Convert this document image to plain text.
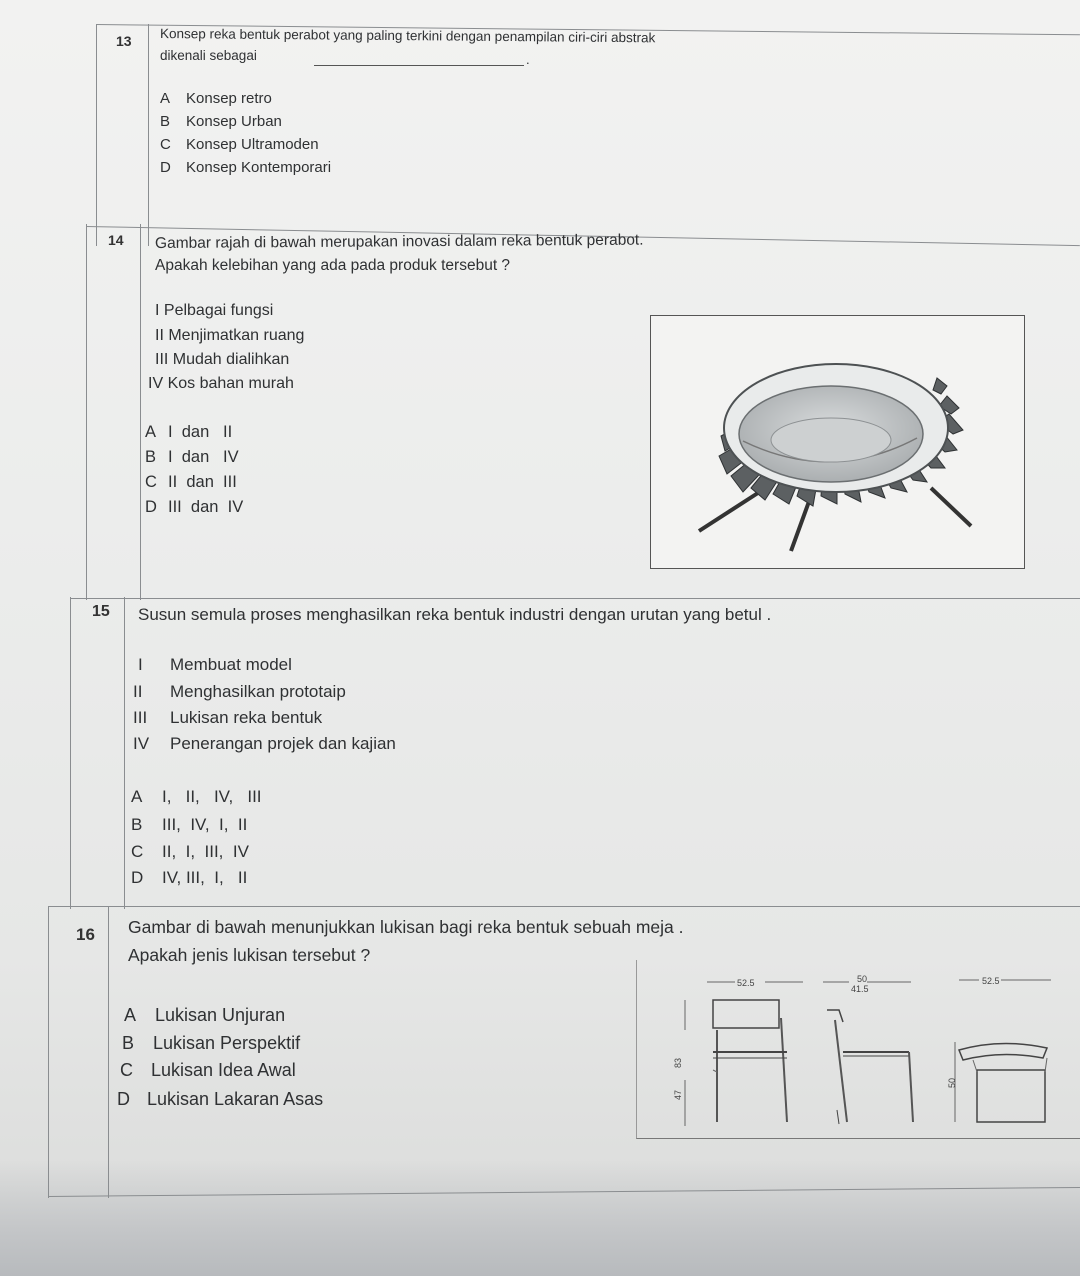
13 Konsep reka bentuk perabot yang paling terkini dengan penampilan ciri-ciri abstrak
dikenali sebagai	.
A Konsep retro
B Konsep Urban
C Konsep Ultramoden
D Konsep Kontemporari
14 Gambar rajah di bawah merupakan inovasi dalam reka bentuk perabot.
Apakah kelebihan yang ada pada produk tersebut ?
I Pelbagai fungsi
II Menjimatkan ruang
III Mudah dialihkan
IV Kos bahan murah
A I  dan   II
B I  dan   IV
C II  dan  III
D III  dan  IV
15 Susun semula proses menghasilkan reka bentuk industri dengan urutan yang betul .
I Membuat model
II Menghasilkan prototaip
III Lukisan reka bentuk
IV Penerangan projek dan kajian
A I,   II,   IV,   III
B III,  IV,  I,  II
C II,  I,  III,  IV
D IV, III,  I,   II
16 Gambar di bawah menunjukkan lukisan bagi reka bentuk sebuah meja .
Apakah jenis lukisan tersebut ?
A Lukisan Unjuran
B Lukisan Perspektif
C Lukisan Idea Awal
D Lukisan Lakaran Asas
52.5	50
41.5
52.5
83
47
50
